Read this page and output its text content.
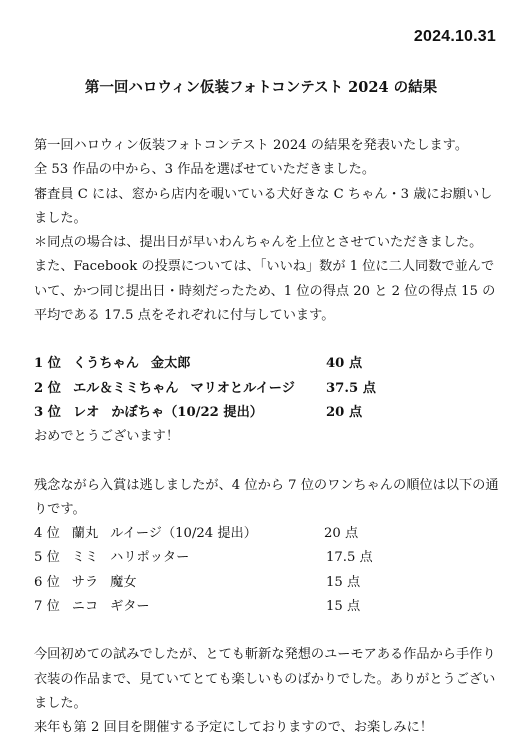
2024.10.31
第一回ハロウィン仮装フォトコンテスト 2024 の結果

第一回ハロウィン仮装フォトコンテスト 2024 の結果を発表いたします。

全 53 作品の中から、3 作品を選ばせていただきました。

審査員 C には、窓から店内を覗いている犬好きな C ちゃん・3 歳にお願いしました。

＊同点の場合は、提出日が早いわんちゃんを上位とさせていただきました。

また、Facebook の投票については、「いいね」数が 1 位に二人同数で並んでいて、かつ同じ提出日・時刻だったため、1 位の得点 20 と 2 位の得点 15 の平均である 17.5 点をそれぞれに付与しています。

1 位 くうちゃん 金太郎	40 点
2 位 エル＆ミミちゃん マリオとルイージ 37.5 点
3 位 レオ かぼちゃ（10/22 提出）	20 点

おめでとうございます！

残念ながら入賞は逃しましたが、4 位から 7 位のワンちゃんの順位は以下の通りです。

4 位 蘭丸 ルイージ（10/24 提出）	20 点
5 位 ミミ ハリポッター	17.5 点
6 位 サラ 魔女	15 点
7 位 ニコ ギター	15 点

今回初めての試みでしたが、とても斬新な発想のユーモアある作品から手作り衣装の作品まで、見ていてとても楽しいものばかりでした。ありがとうございました。

来年も第 2 回目を開催する予定にしておりますので、お楽しみに！
